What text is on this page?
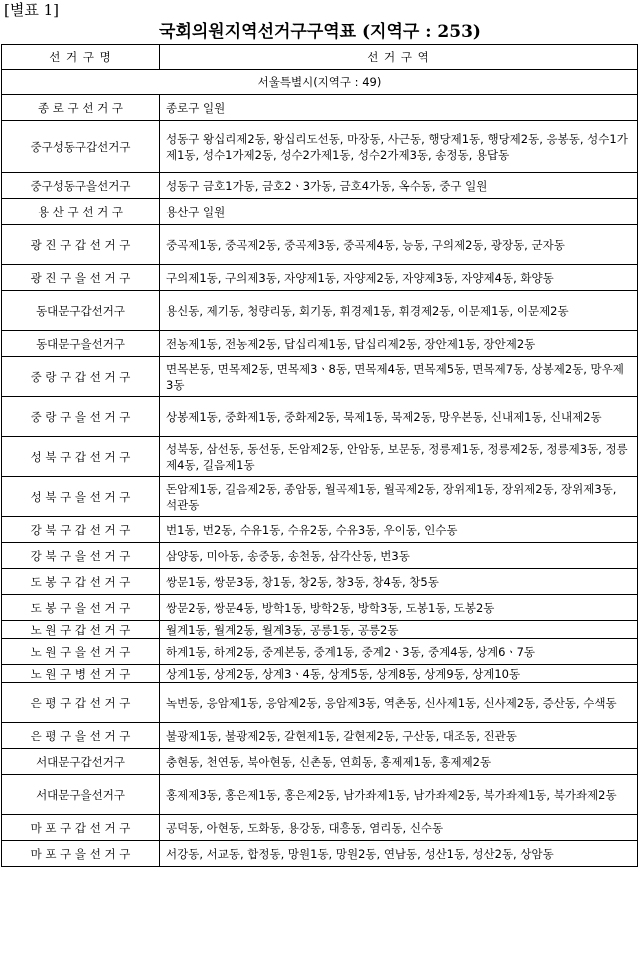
[별표 1]
국회의원지역선거구구역표 (지역구 : 253)
선 거 구 명	선 거 구 역
서울특별시(지역구 : 49)	
종 로 구 선 거 구	종로구 일원
중구성동구갑선거구	성동구 왕십리제2동, 왕십리도선동, 마장동, 사근동, 행당제1동, 행당제2동, 응봉동, 성수1가제1동, 성수1가제2동, 성수2가제1동, 성수2가제3동, 송정동, 용답동
중구성동구을선거구	성동구 금호1가동, 금호2ㆍ3가동, 금호4가동, 옥수동, 중구 일원
용 산 구 선 거 구	용산구 일원
광 진 구 갑 선 거 구	중곡제1동, 중곡제2동, 중곡제3동, 중곡제4동, 능동, 구의제2동, 광장동, 군자동
광 진 구 을 선 거 구	구의제1동, 구의제3동, 자양제1동, 자양제2동, 자양제3동, 자양제4동, 화양동
동대문구갑선거구	용신동, 제기동, 청량리동, 회기동, 휘경제1동, 휘경제2동, 이문제1동, 이문제2동
동대문구을선거구	전농제1동, 전농제2동, 답십리제1동, 답십리제2동, 장안제1동, 장안제2동
중 랑 구 갑 선 거 구	면목본동, 면목제2동, 면목제3ㆍ8동, 면목제4동, 면목제5동, 면목제7동, 상봉제2동, 망우제3동
중 랑 구 을 선 거 구	상봉제1동, 중화제1동, 중화제2동, 묵제1동, 묵제2동, 망우본동, 신내제1동, 신내제2동
성 북 구 갑 선 거 구	성북동, 삼선동, 동선동, 돈암제2동, 안암동, 보문동, 정릉제1동, 정릉제2동, 정릉제3동, 정릉제4동, 길음제1동
성 북 구 을 선 거 구	돈암제1동, 길음제2동, 종암동, 월곡제1동, 월곡제2동, 장위제1동, 장위제2동, 장위제3동, 석관동
강 북 구 갑 선 거 구	번1동, 번2동, 수유1동, 수유2동, 수유3동, 우이동, 인수동
강 북 구 을 선 거 구	삼양동, 미아동, 송중동, 송천동, 삼각산동, 번3동
도 봉 구 갑 선 거 구	쌍문1동, 쌍문3동, 창1동, 창2동, 창3동, 창4동, 창5동
도 봉 구 을 선 거 구	쌍문2동, 쌍문4동, 방학1동, 방학2동, 방학3동, 도봉1동, 도봉2동
노 원 구 갑 선 거 구	월계1동, 월계2동, 월계3동, 공릉1동, 공릉2동
노 원 구 을 선 거 구	하계1동, 하계2동, 중계본동, 중계1동, 중계2ㆍ3동, 중계4동, 상계6ㆍ7동
노 원 구 병 선 거 구	상계1동, 상계2동, 상계3ㆍ4동, 상계5동, 상계8동, 상계9동, 상계10동
은 평 구 갑 선 거 구	녹번동, 응암제1동, 응암제2동, 응암제3동, 역촌동, 신사제1동, 신사제2동, 증산동, 수색동
은 평 구 을 선 거 구	불광제1동, 불광제2동, 갈현제1동, 갈현제2동, 구산동, 대조동, 진관동
서대문구갑선거구	충현동, 천연동, 북아현동, 신촌동, 연희동, 홍제제1동, 홍제제2동
서대문구을선거구	홍제제3동, 홍은제1동, 홍은제2동, 남가좌제1동, 남가좌제2동, 북가좌제1동, 북가좌제2동
마 포 구 갑 선 거 구	공덕동, 아현동, 도화동, 용강동, 대흥동, 염리동, 신수동
마 포 구 을 선 거 구	서강동, 서교동, 합정동, 망원1동, 망원2동, 연남동, 성산1동, 성산2동, 상암동
